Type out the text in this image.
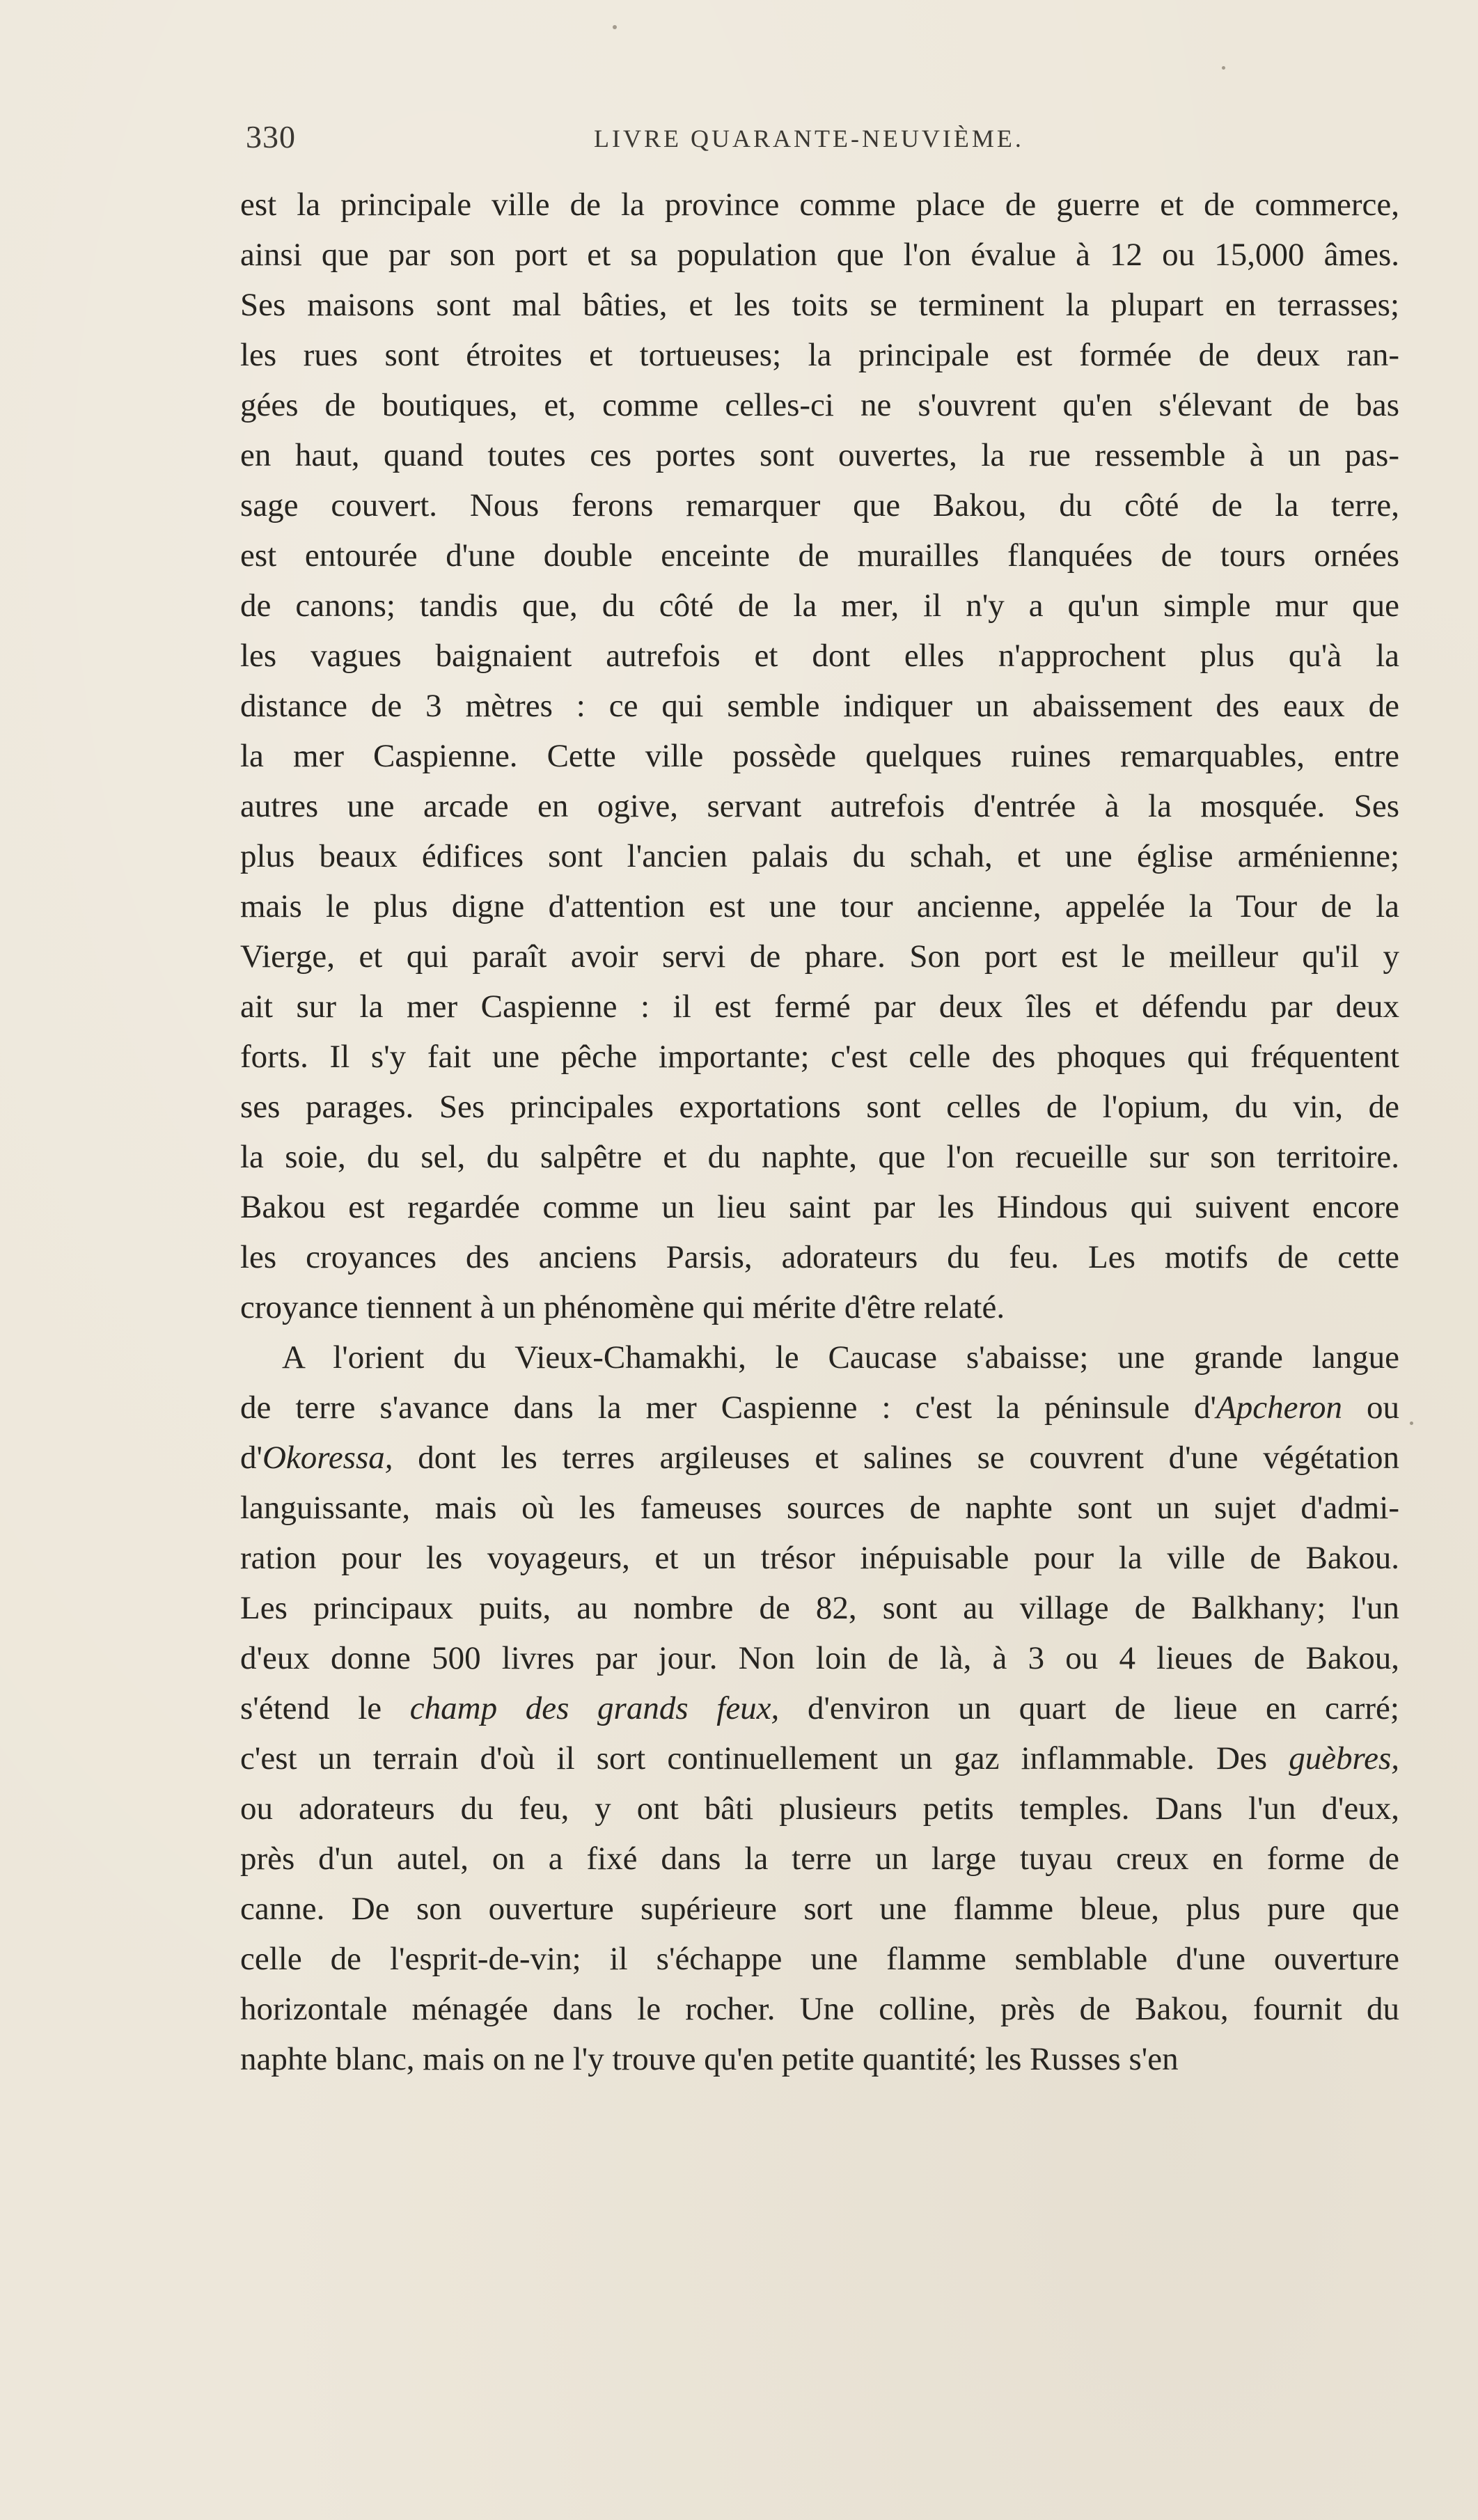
330	LIVRE QUARANTE-NEUVIÈME.
est la principale ville de la province comme place de guerre et de commerce,
ainsi que par son port et sa population que l'on évalue à 12 ou 15,000 âmes.
Ses maisons sont mal bâties, et les toits se terminent la plupart en terrasses;
les rues sont étroites et tortueuses; la principale est formée de deux ran-
gées de boutiques, et, comme celles-ci ne s'ouvrent qu'en s'élevant de bas
en haut, quand toutes ces portes sont ouvertes, la rue ressemble à un pas-
sage couvert. Nous ferons remarquer que Bakou, du côté de la terre,
est entourée d'une double enceinte de murailles flanquées de tours ornées
de canons; tandis que, du côté de la mer, il n'y a qu'un simple mur que
les vagues baignaient autrefois et dont elles n'approchent plus qu'à la
distance de 3 mètres : ce qui semble indiquer un abaissement des eaux de
la mer Caspienne. Cette ville possède quelques ruines remarquables, entre
autres une arcade en ogive, servant autrefois d'entrée à la mosquée. Ses
plus beaux édifices sont l'ancien palais du schah, et une église arménienne;
mais le plus digne d'attention est une tour ancienne, appelée la Tour de la
Vierge, et qui paraît avoir servi de phare. Son port est le meilleur qu'il y
ait sur la mer Caspienne : il est fermé par deux îles et défendu par deux
forts. Il s'y fait une pêche importante; c'est celle des phoques qui fréquentent
ses parages. Ses principales exportations sont celles de l'opium, du vin, de
la soie, du sel, du salpêtre et du naphte, que l'on recueille sur son territoire.
Bakou est regardée comme un lieu saint par les Hindous qui suivent encore
les croyances des anciens Parsis, adorateurs du feu. Les motifs de cette
croyance tiennent à un phénomène qui mérite d'être relaté.
A l'orient du Vieux-Chamakhi, le Caucase s'abaisse; une grande langue
de terre s'avance dans la mer Caspienne : c'est la péninsule d'Apcheron ou
d'Okoressa, dont les terres argileuses et salines se couvrent d'une végétation
languissante, mais où les fameuses sources de naphte sont un sujet d'admi-
ration pour les voyageurs, et un trésor inépuisable pour la ville de Bakou.
Les principaux puits, au nombre de 82, sont au village de Balkhany; l'un
d'eux donne 500 livres par jour. Non loin de là, à 3 ou 4 lieues de Bakou,
s'étend le champ des grands feux, d'environ un quart de lieue en carré;
c'est un terrain d'où il sort continuellement un gaz inflammable. Des guèbres,
ou adorateurs du feu, y ont bâti plusieurs petits temples. Dans l'un d'eux,
près d'un autel, on a fixé dans la terre un large tuyau creux en forme de
canne. De son ouverture supérieure sort une flamme bleue, plus pure que
celle de l'esprit-de-vin; il s'échappe une flamme semblable d'une ouverture
horizontale ménagée dans le rocher. Une colline, près de Bakou, fournit du
naphte blanc, mais on ne l'y trouve qu'en petite quantité; les Russes s'en
